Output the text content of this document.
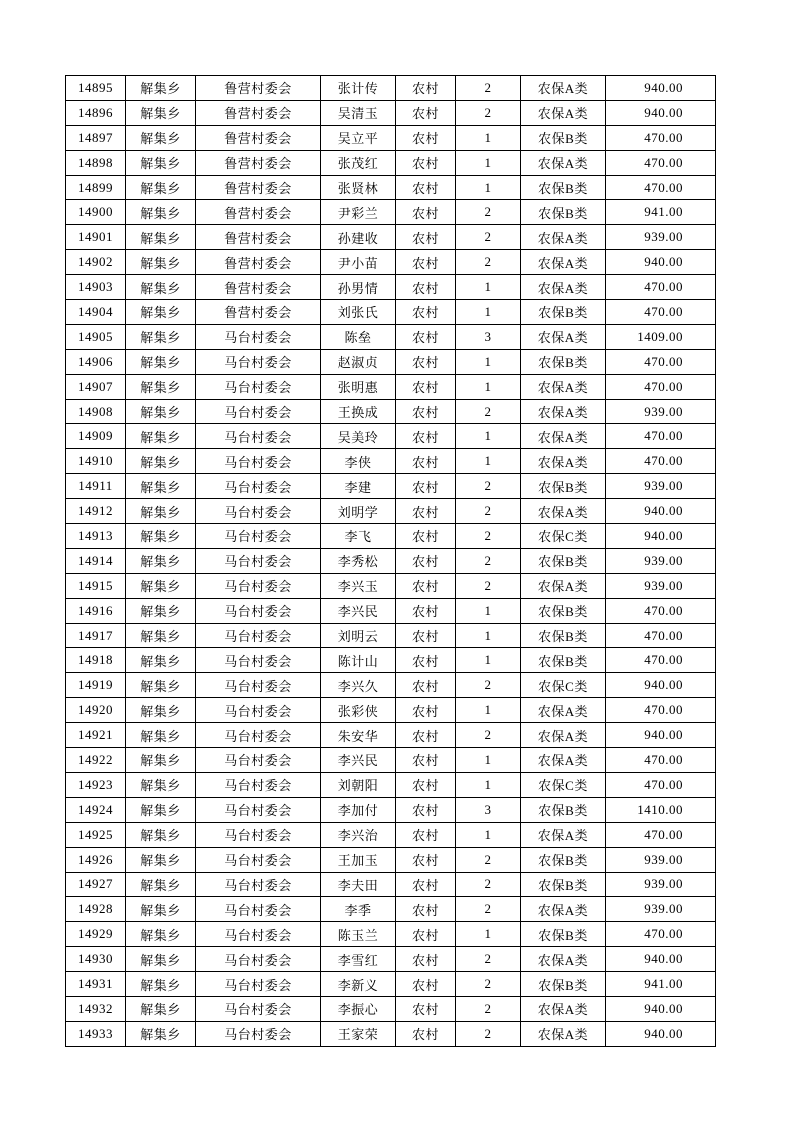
14895	解集乡	鲁营村委会	张计传	农村	2	农保A类	940.00
14896	解集乡	鲁营村委会	吴清玉	农村	2	农保A类	940.00
14897	解集乡	鲁营村委会	吴立平	农村	1	农保B类	470.00
14898	解集乡	鲁营村委会	张茂红	农村	1	农保A类	470.00
14899	解集乡	鲁营村委会	张贤林	农村	1	农保B类	470.00
14900	解集乡	鲁营村委会	尹彩兰	农村	2	农保B类	941.00
14901	解集乡	鲁营村委会	孙建收	农村	2	农保A类	939.00
14902	解集乡	鲁营村委会	尹小苗	农村	2	农保A类	940.00
14903	解集乡	鲁营村委会	孙男情	农村	1	农保A类	470.00
14904	解集乡	鲁营村委会	刘张氏	农村	1	农保B类	470.00
14905	解集乡	马台村委会	陈垒	农村	3	农保A类	1409.00
14906	解集乡	马台村委会	赵淑贞	农村	1	农保B类	470.00
14907	解集乡	马台村委会	张明惠	农村	1	农保A类	470.00
14908	解集乡	马台村委会	王换成	农村	2	农保A类	939.00
14909	解集乡	马台村委会	吴美玲	农村	1	农保A类	470.00
14910	解集乡	马台村委会	李侠	农村	1	农保A类	470.00
14911	解集乡	马台村委会	李建	农村	2	农保B类	939.00
14912	解集乡	马台村委会	刘明学	农村	2	农保A类	940.00
14913	解集乡	马台村委会	李飞	农村	2	农保C类	940.00
14914	解集乡	马台村委会	李秀松	农村	2	农保B类	939.00
14915	解集乡	马台村委会	李兴玉	农村	2	农保A类	939.00
14916	解集乡	马台村委会	李兴民	农村	1	农保B类	470.00
14917	解集乡	马台村委会	刘明云	农村	1	农保B类	470.00
14918	解集乡	马台村委会	陈计山	农村	1	农保B类	470.00
14919	解集乡	马台村委会	李兴久	农村	2	农保C类	940.00
14920	解集乡	马台村委会	张彩侠	农村	1	农保A类	470.00
14921	解集乡	马台村委会	朱安华	农村	2	农保A类	940.00
14922	解集乡	马台村委会	李兴民	农村	1	农保A类	470.00
14923	解集乡	马台村委会	刘朝阳	农村	1	农保C类	470.00
14924	解集乡	马台村委会	李加付	农村	3	农保B类	1410.00
14925	解集乡	马台村委会	李兴治	农村	1	农保A类	470.00
14926	解集乡	马台村委会	王加玉	农村	2	农保B类	939.00
14927	解集乡	马台村委会	李夫田	农村	2	农保B类	939.00
14928	解集乡	马台村委会	李季	农村	2	农保A类	939.00
14929	解集乡	马台村委会	陈玉兰	农村	1	农保B类	470.00
14930	解集乡	马台村委会	李雪红	农村	2	农保A类	940.00
14931	解集乡	马台村委会	李新义	农村	2	农保B类	941.00
14932	解集乡	马台村委会	李振心	农村	2	农保A类	940.00
14933	解集乡	马台村委会	王家荣	农村	2	农保A类	940.00
